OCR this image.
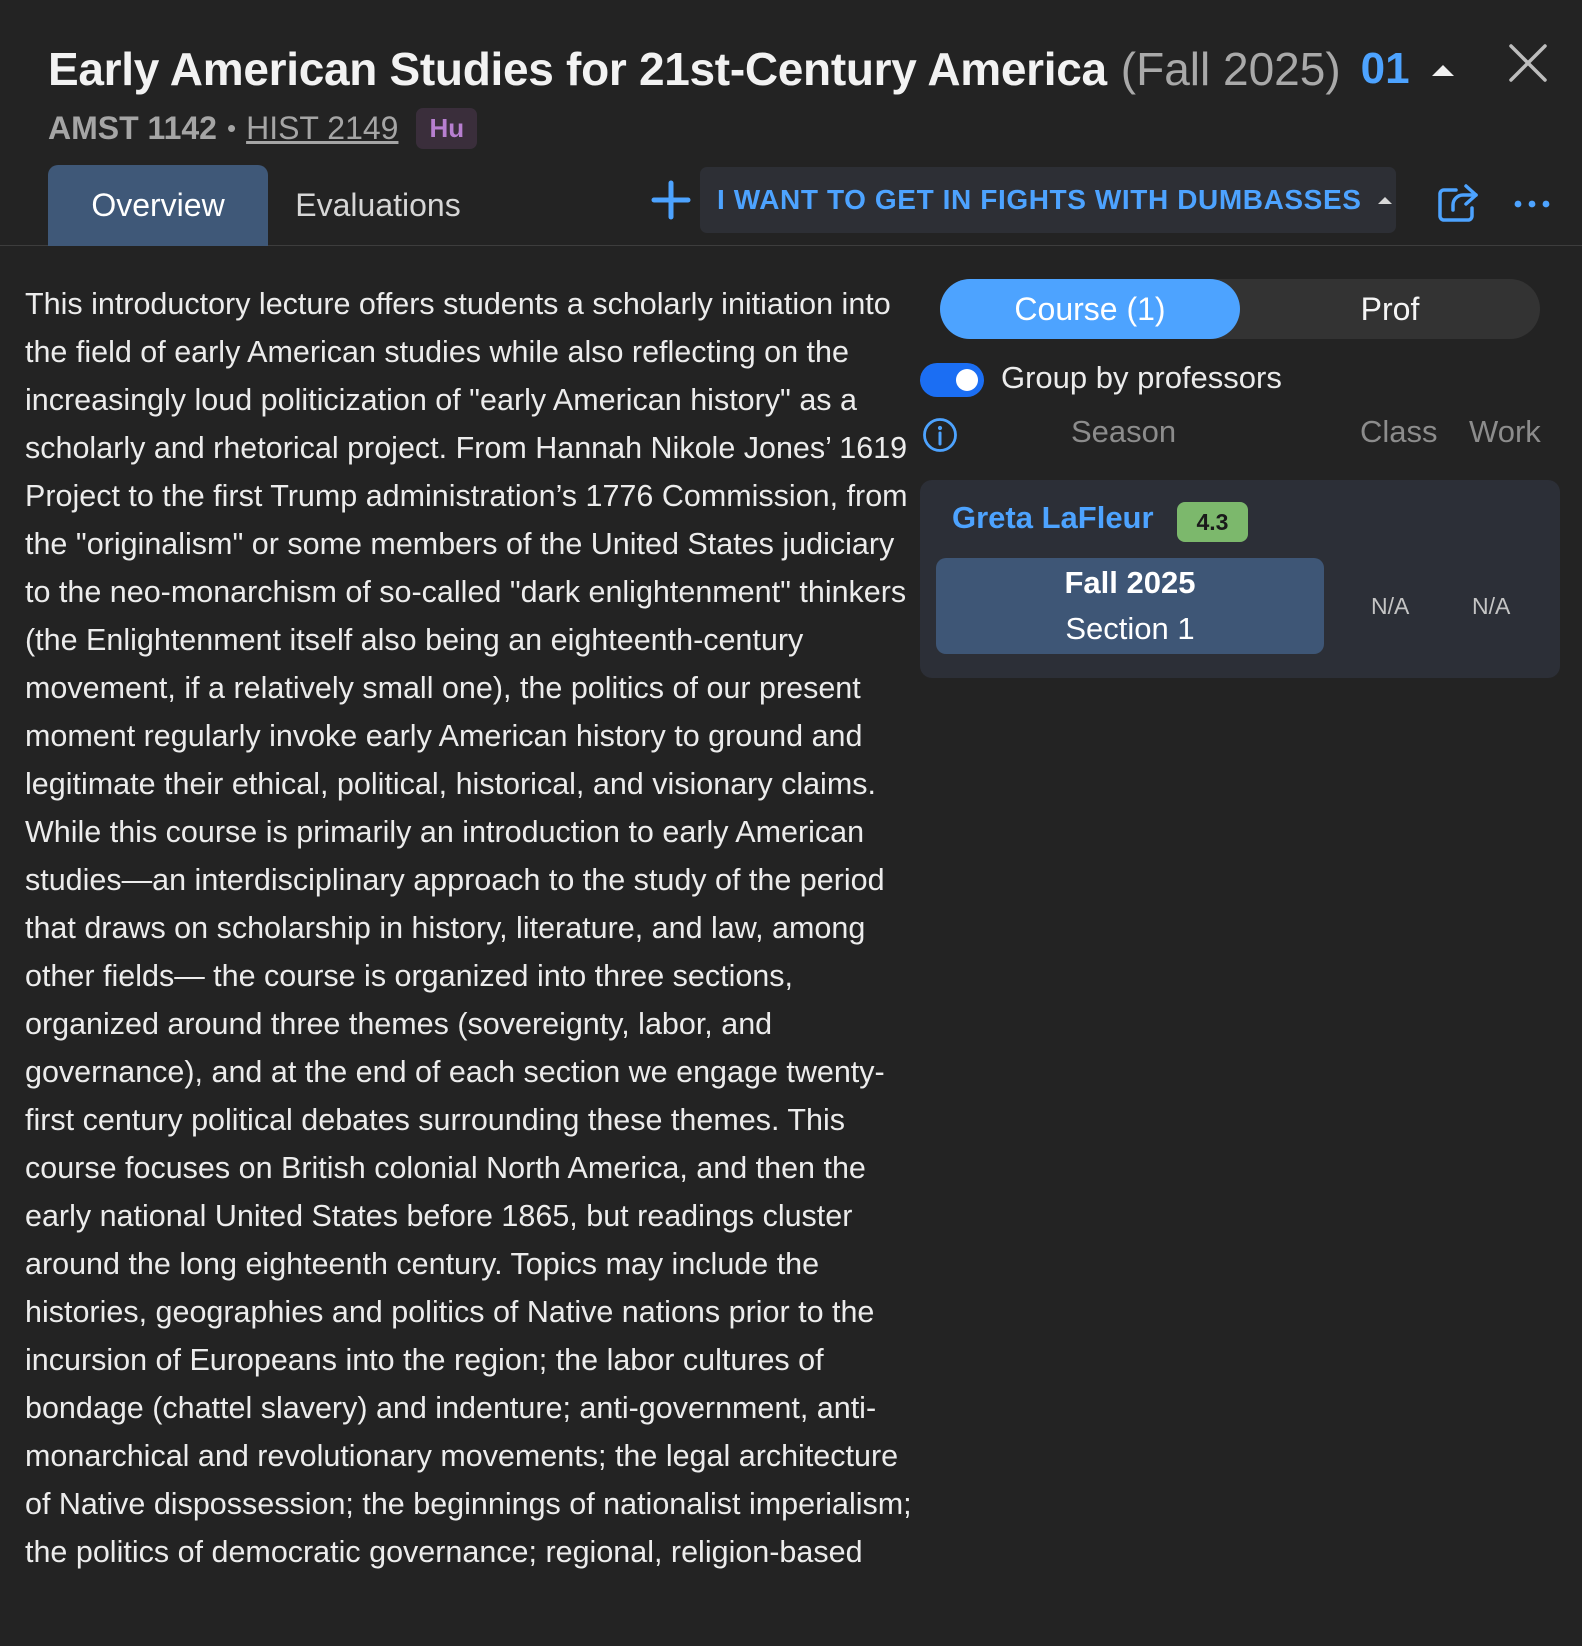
Early American Studies for 21st-Century America (Fall 2025) 01
AMST 1142 • HIST 2149	Hu
Overview	Evaluations	I WANT TO GET IN FIGHTS WITH DUMBASSES

This introductory lecture offers students a scholarly initiation into the field of early American studies while also reflecting on the increasingly loud politicization of "early American history" as a scholarly and rhetorical project. From Hannah Nikole Jones’ 1619 Project to the first Trump administration’s 1776 Commission, from the "originalism" or some members of the United States judiciary to the neo-monarchism of so-called "dark enlightenment" thinkers (the Enlightenment itself also being an eighteenth-century movement, if a relatively small one), the politics of our present moment regularly invoke early American history to ground and legitimate their ethical, political, historical, and visionary claims. While this course is primarily an introduction to early American studies—an interdisciplinary approach to the study of the period that draws on scholarship in history, literature, and law, among other fields— the course is organized into three sections, organized around three themes (sovereignty, labor, and governance), and at the end of each section we engage twenty-first century political debates surrounding these themes. This course focuses on British colonial North America, and then the early national United States before 1865, but readings cluster around the long eighteenth century. Topics may include the histories, geographies and politics of Native nations prior to the incursion of Europeans into the region; the labor cultures of bondage (chattel slavery) and indenture; anti-government, anti-monarchical and revolutionary movements; the legal architecture of Native dispossession; the beginnings of nationalist imperialism; the politics of democratic governance; regional, religion-based

Course (1)	Prof
Group by professors
Season	Class Work
Greta LaFleur	4.3
Fall 2025
Section 1
N/A	N/A
